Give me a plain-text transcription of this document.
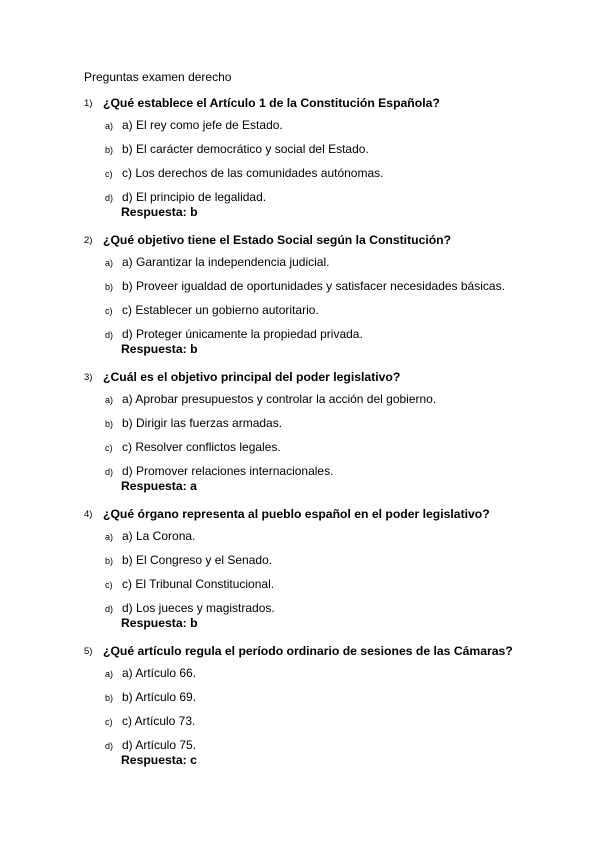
Preguntas examen derecho
1) ¿Qué establece el Artículo 1 de la Constitución Española?
a) a) El rey como jefe de Estado.
b) b) El carácter democrático y social del Estado.
c) c) Los derechos de las comunidades autónomas.
d) d) El principio de legalidad.
Respuesta: b
2) ¿Qué objetivo tiene el Estado Social según la Constitución?
a) a) Garantizar la independencia judicial.
b) b) Proveer igualdad de oportunidades y satisfacer necesidades básicas.
c) c) Establecer un gobierno autoritario.
d) d) Proteger únicamente la propiedad privada.
Respuesta: b
3) ¿Cuál es el objetivo principal del poder legislativo?
a) a) Aprobar presupuestos y controlar la acción del gobierno.
b) b) Dirigir las fuerzas armadas.
c) c) Resolver conflictos legales.
d) d) Promover relaciones internacionales.
Respuesta: a
4) ¿Qué órgano representa al pueblo español en el poder legislativo?
a) a) La Corona.
b) b) El Congreso y el Senado.
c) c) El Tribunal Constitucional.
d) d) Los jueces y magistrados.
Respuesta: b
5) ¿Qué artículo regula el período ordinario de sesiones de las Cámaras?
a) a) Artículo 66.
b) b) Artículo 69.
c) c) Artículo 73.
d) d) Artículo 75.
Respuesta: c
